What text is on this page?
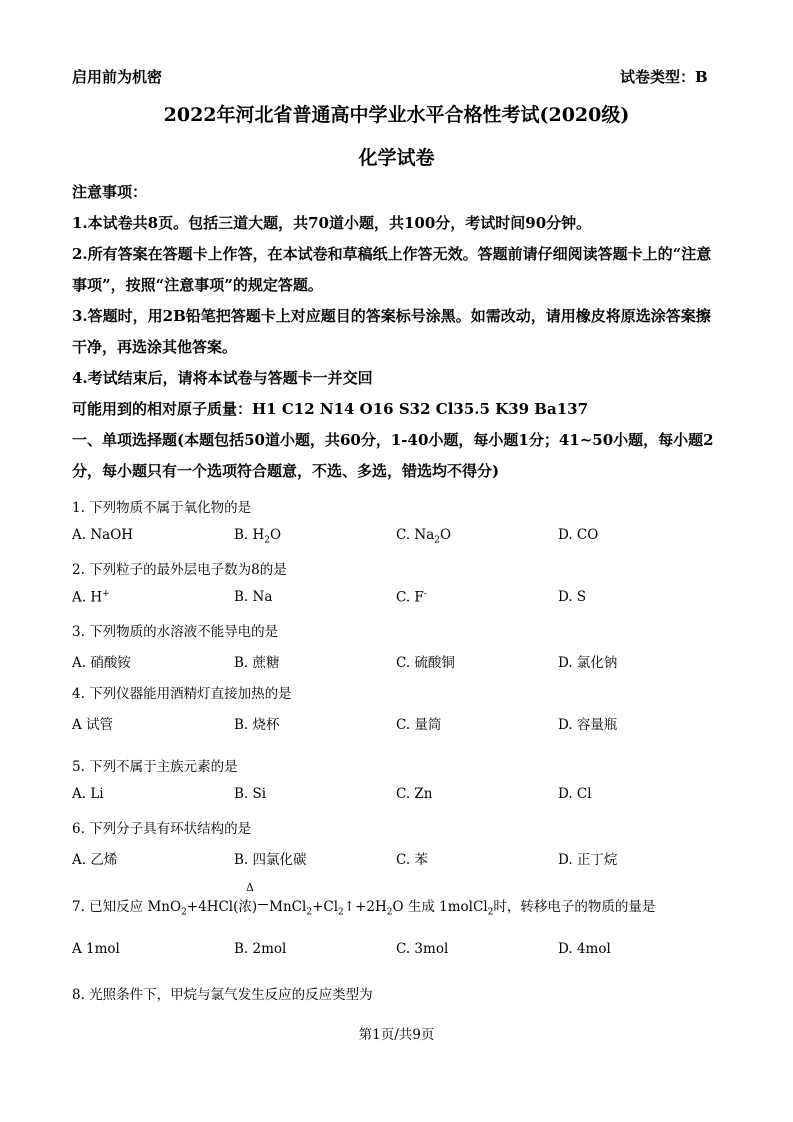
启用前为机密	试卷类型：B
2022年河北省普通高中学业水平合格性考试(2020级)
化学试卷
注意事项：
1.本试卷共8页。包括三道大题，共70道小题，共100分，考试时间90分钟。
2.所有答案在答题卡上作答，在本试卷和草稿纸上作答无效。答题前请仔细阅读答题卡上的“注意事项”，按照“注意事项”的规定答题。
3.答题时，用2B铅笔把答题卡上对应题目的答案标号涂黑。如需改动，请用橡皮将原选涂答案擦干净，再选涂其他答案。
4.考试结束后，请将本试卷与答题卡一并交回
可能用到的相对原子质量：H1 C12 N14 O16 S32 Cl35.5 K39 Ba137
一、单项选择题(本题包括50道小题，共60分，1-40小题，每小题1分；41~50小题，每小题2分，每小题只有一个选项符合题意，不选、多选，错选均不得分)
1. 下列物质不属于氧化物的是
A. NaOH	B. $H_2O$	C. $Na_2O$	D. CO
2. 下列粒子的最外层电子数为8的是
A. H+	B. Na	C. F-	D. S
3. 下列物质的水溶液不能导电的是
A. 硝酸铵	B. 蔗糖	C. 硫酸铜	D. 氯化钠
4. 下列仪器能用酒精灯直接加热的是
A 试管	B. 烧杯	C. 量筒	D. 容量瓶
5. 下列不属于主族元素的是
A. Li	B. Si	C. Zn	D. Cl
6. 下列分子具有环状结构的是
A. 乙烯	B. 四氯化碳	C. 苯	D. 正丁烷
Δ
7. 已知反应 MnO$_2$+4HCl(浓) $MnCl_2+Cl_2↑+2H_2O$ 生成 1molCl$_2$时，转移电子的物质的量是
A 1mol	B. 2mol	C. 3mol	D. 4mol
8. 光照条件下，甲烷与氯气发生反应的反应类型为
第1页/共9页
